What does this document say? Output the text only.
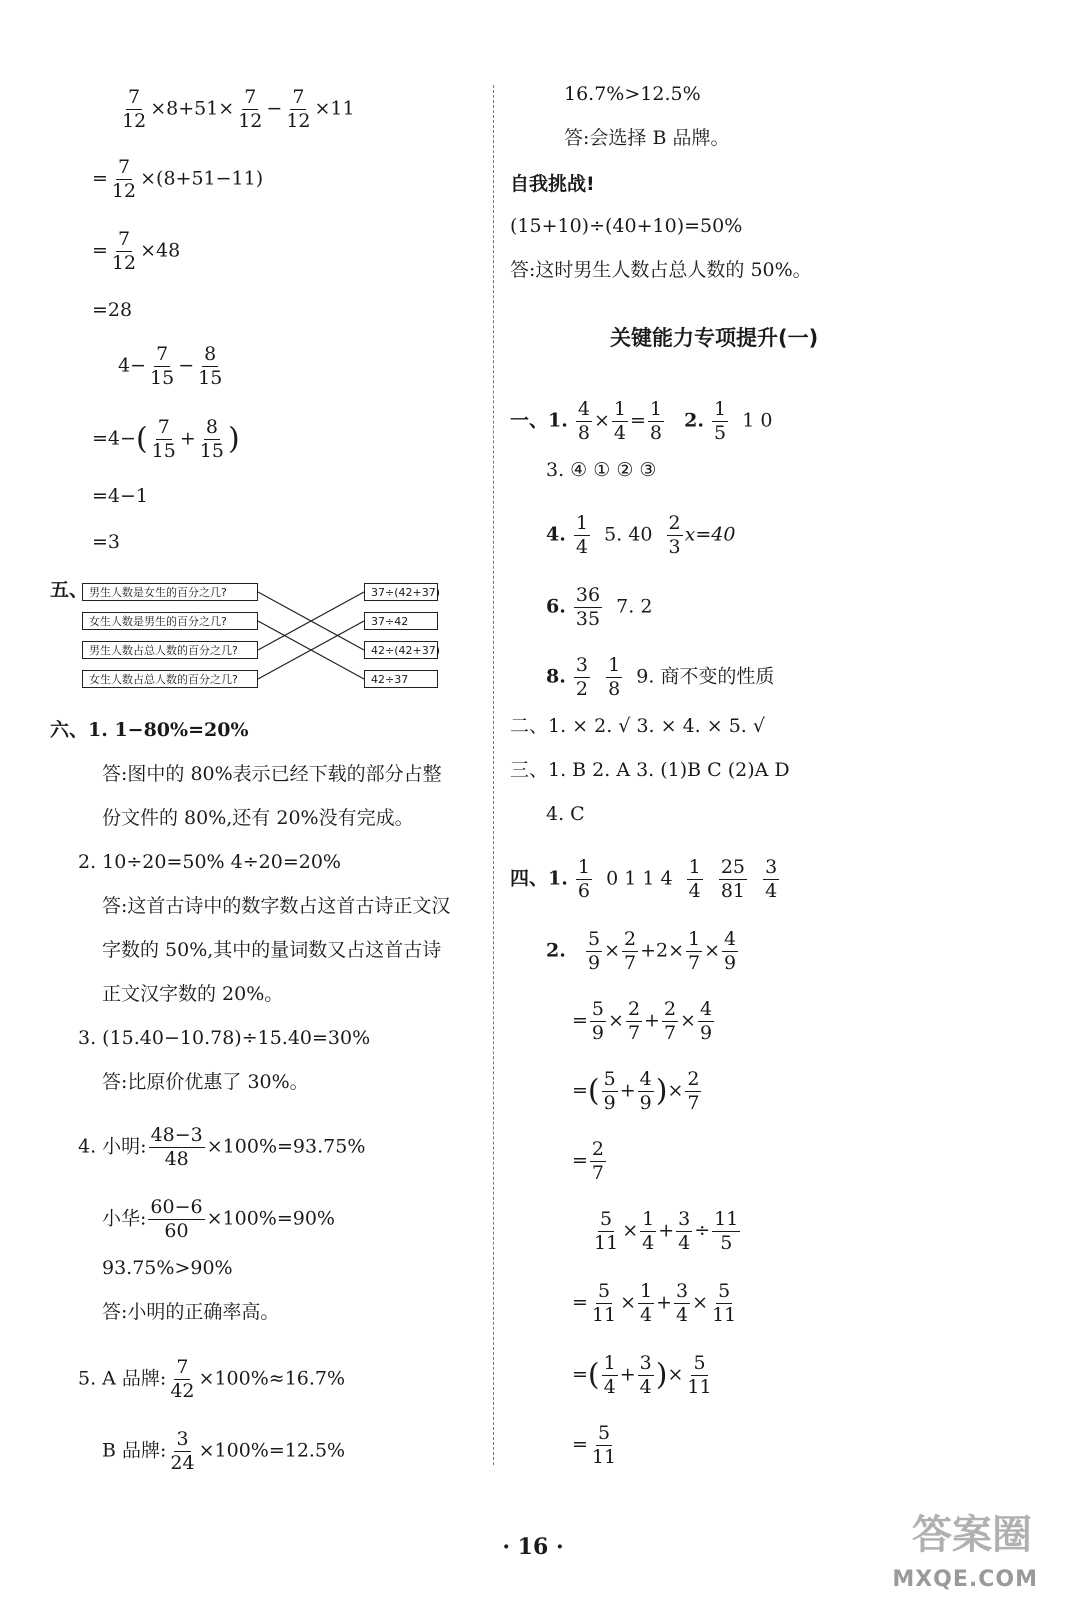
$\frac{7}{12} \times 8+51\times \frac{7}{12} - \frac{7}{12} \times 11$
= $\frac{7}{12} \times(8+51-11)$
= $\frac{7}{12} \times 48$
=28
$4- \frac{7}{15} - \frac{8}{15}$
$=4-( \frac{7}{15} + \frac{8}{15}$ )
=4−1
=3
五、 男生人数是女生的百分之几?
女生人数是男生的百分之几?
男生人数占总人数的百分之几?
女生人数占总人数的百分之几?
37÷(42+37)
37÷42
42÷(42+37)
42÷37
六、1. 1−80%=20%
答:图中的 80%表示已经下载的部分占整
份文件的 80%,还有 20%没有完成。
2. 10÷20=50% 4÷20=20%
答:这首古诗中的数字数占这首古诗正文汉
字数的 50%,其中的量词数又占这首古诗
正文汉字数的 20%。
3. (15.40−10.78)÷15.40=30%
答:比原价优惠了 30%。
4. 小明: $\frac{48-3}{48} \times 100\%=93.75\%$
小华: $\frac{60-6}{60} \times 100\%=90\%$
93.75%>90%
答:小明的正确率高。
5. A 品牌: $\frac{7}{42} \times 100\%\approx 16.7\%$
B 品牌: $\frac{3}{24} \times 100\%=12.5\%$
16.7%>12.5%
答:会选择 B 品牌。
自我挑战!
(15+10)÷(40+10)=50%
答:这时男生人数占总人数的 50%。
关键能力专项提升(一)
一、1. $\frac{4}{8} \times \frac{1}{4} = \frac{1}{8} 2$. $\frac{1}{5} 1$ 0
3. ④ ① ② ③
4. $\frac{1}{4} 5$. $40 \frac{2}{3} x=40$
6. $\frac{36}{35} 7$. 2
8. $\frac{3}{2}$
$\frac{1}{8} 9$. 商不变的性质
二、1. × 2. √ 3. × 4. × 5. √
三、1. B 2. A 3. (1)B C (2)A D
4. C
四、1. $\frac{1}{6} 0$ 1 1 $4 \frac{1}{4}$
$\frac{25}{81}$
$\frac{3}{4}$
2. $\frac{5}{9} \times \frac{2}{7} +2\times \frac{1}{7} \times \frac{4}{9}$
= $\frac{5}{9} \times \frac{2}{7} + \frac{2}{7} \times \frac{4}{9}$
=( $\frac{5}{9} + \frac{4}{9}$ )× $\frac{2}{7}$
= $\frac{2}{7}$
$\frac{5}{11} \times \frac{1}{4} + \frac{3}{4} \div \frac{11}{5}$
= $\frac{5}{11} \times \frac{1}{4} + \frac{3}{4} \times \frac{5}{11}$
=( $\frac{1}{4} + \frac{3}{4}$ )× $\frac{5}{11}$
= $\frac{5}{11}$
· 16 ·	答案圈
MXQE.COM
